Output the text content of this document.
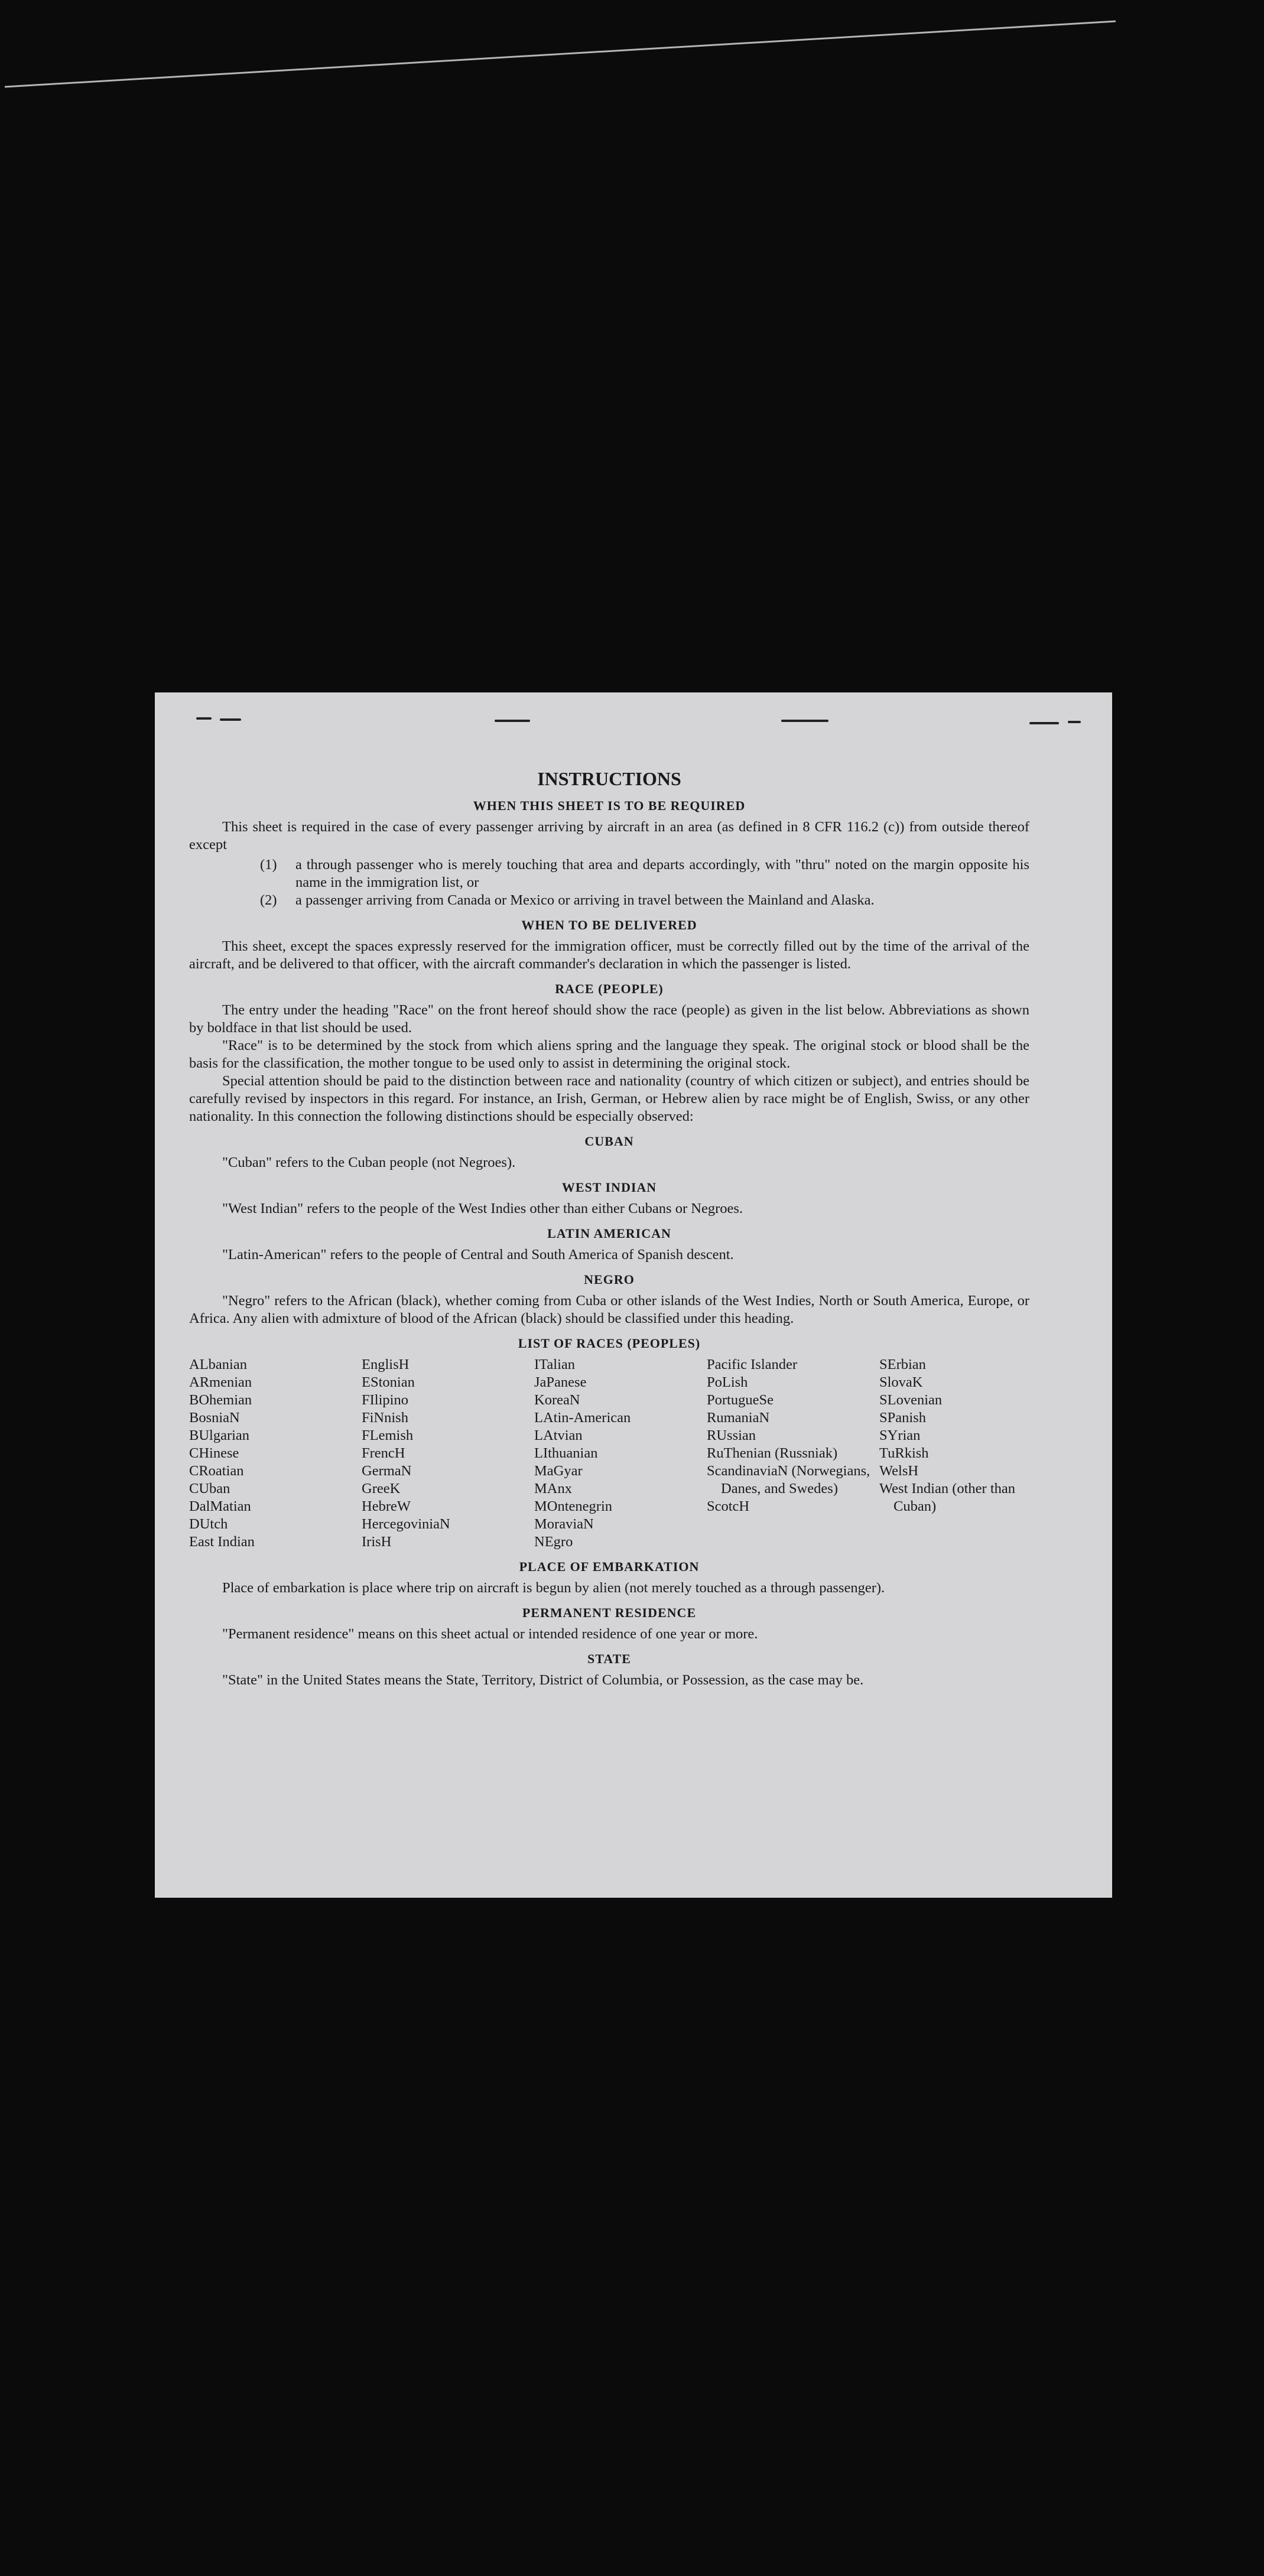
INSTRUCTIONS
WHEN THIS SHEET IS TO BE REQUIRED

This sheet is required in the case of every passenger arriving by aircraft in an area (as defined in 8 CFR 116.2 (c)) from outside thereof except

(1)	a through passenger who is merely touching that area and departs accordingly, with "thru" noted on the margin opposite his name in the immigration list, or
(2)	a passenger arriving from Canada or Mexico or arriving in travel between the Mainland and Alaska.
WHEN TO BE DELIVERED

This sheet, except the spaces expressly reserved for the immigration officer, must be correctly filled out by the time of the arrival of the aircraft, and be delivered to that officer, with the aircraft commander's declaration in which the passenger is listed.

RACE (PEOPLE)

The entry under the heading "Race" on the front hereof should show the race (people) as given in the list below. Abbreviations as shown by boldface in that list should be used.

"Race" is to be determined by the stock from which aliens spring and the language they speak. The original stock or blood shall be the basis for the classification, the mother tongue to be used only to assist in determining the original stock.

Special attention should be paid to the distinction between race and nationality (country of which citizen or subject), and entries should be carefully revised by inspectors in this regard. For instance, an Irish, German, or Hebrew alien by race might be of English, Swiss, or any other nationality. In this connection the following distinctions should be especially observed:

CUBAN

"Cuban" refers to the Cuban people (not Negroes).

WEST INDIAN

"West Indian" refers to the people of the West Indies other than either Cubans or Negroes.

LATIN AMERICAN

"Latin-American" refers to the people of Central and South America of Spanish descent.

NEGRO

"Negro" refers to the African (black), whether coming from Cuba or other islands of the West Indies, North or South America, Europe, or Africa. Any alien with admixture of blood of the African (black) should be classified under this heading.

LIST OF RACES (PEOPLES)
ALbanian
ARmenian
BOhemian
BosniaN
BUlgarian
CHinese
CRoatian
CUban
DalMatian
DUtch
East Indian
EnglisH
EStonian
FIlipino
FiNnish
FLemish
FrencH
GermaN
GreeK
HebreW
HercegoviniaN
IrisH
ITalian
JaPanese
KoreaN
LAtin-American
LAtvian
LIthuanian
MaGyar
MAnx
MOntenegrin
MoraviaN
NEgro
Pacific Islander
PoLish
PortugueSe
RumaniaN
RUssian
RuThenian (Russniak)
ScandinaviaN (Norwegians, Danes, and Swedes)
ScotcH
SErbian
SlovaK
SLovenian
SPanish
SYrian
TuRkish
WelsH
West Indian (other than Cuban)
PLACE OF EMBARKATION

Place of embarkation is place where trip on aircraft is begun by alien (not merely touched as a through passenger).

PERMANENT RESIDENCE

"Permanent residence" means on this sheet actual or intended residence of one year or more.

STATE

"State" in the United States means the State, Territory, District of Columbia, or Possession, as the case may be.
